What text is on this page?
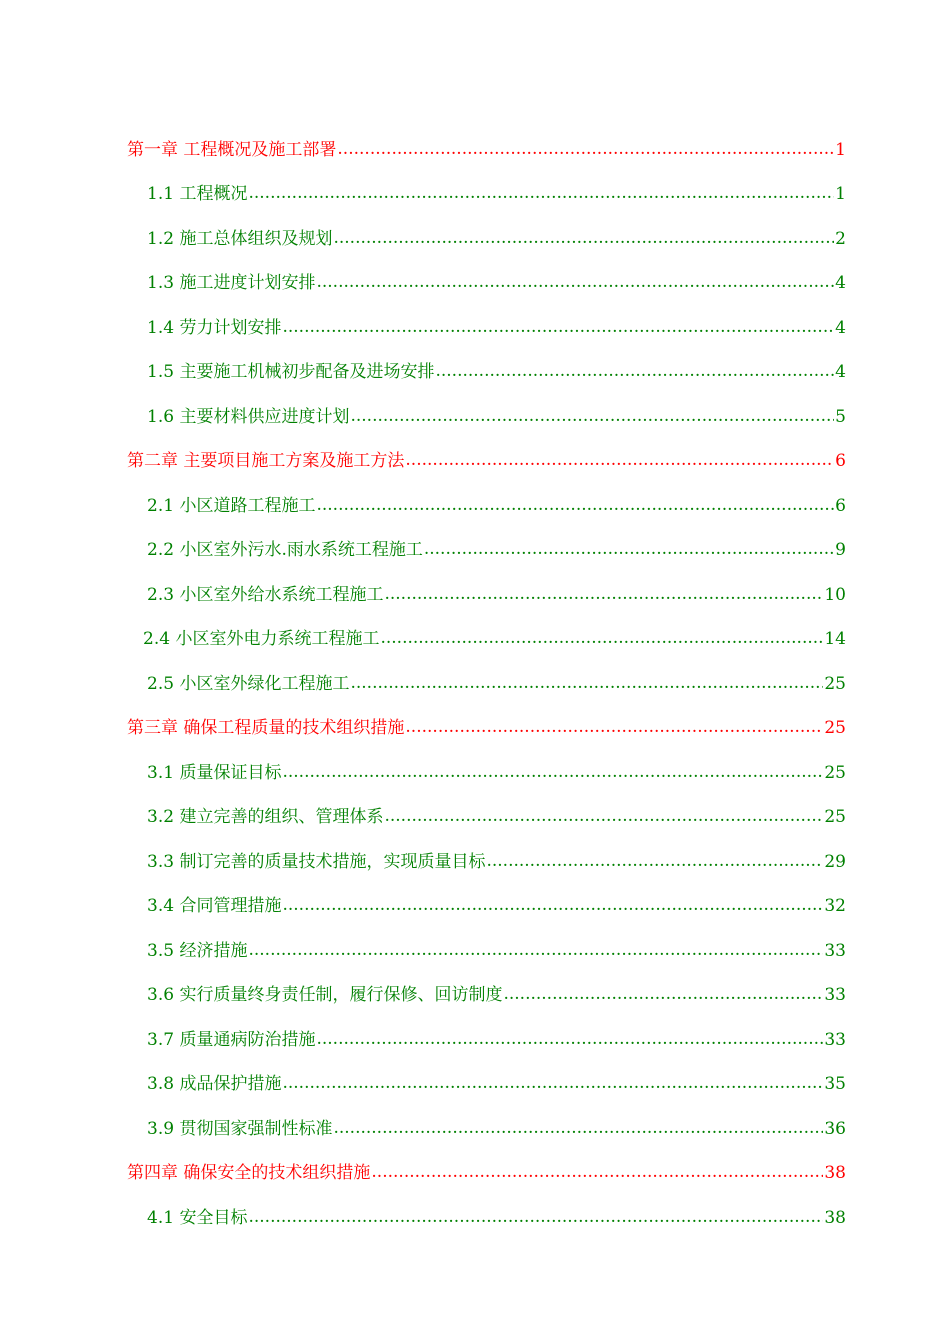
第一章 工程概况及施工部署 .....	1
1.1 工程概况 .....	1
1.2 施工总体组织及规划 .....	2
1.3 施工进度计划安排 .....	4
1.4 劳力计划安排 .....	4
1.5 主要施工机械初步配备及进场安排 .....	4
1.6 主要材料供应进度计划 .....	5
第二章 主要项目施工方案及施工方法 .....	6
2.1 小区道路工程施工 .....	6
2.2 小区室外污水.雨水系统工程施工 .....	9
2.3 小区室外给水系统工程施工 .....	10
2.4 小区室外电力系统工程施工 .....	14
2.5 小区室外绿化工程施工 .....	25
第三章 确保工程质量的技术组织措施 .....	25
3.1 质量保证目标 .....	25
3.2 建立完善的组织、管理体系 .....	25
3.3 制订完善的质量技术措施，实现质量目标 .....	29
3.4 合同管理措施 .....	32
3.5 经济措施 .....	33
3.6 实行质量终身责任制，履行保修、回访制度 .....	33
3.7 质量通病防治措施 .....	33
3.8 成品保护措施 .....	35
3.9 贯彻国家强制性标准 .....	36
第四章 确保安全的技术组织措施 .....	38
4.1 安全目标 .....	38
